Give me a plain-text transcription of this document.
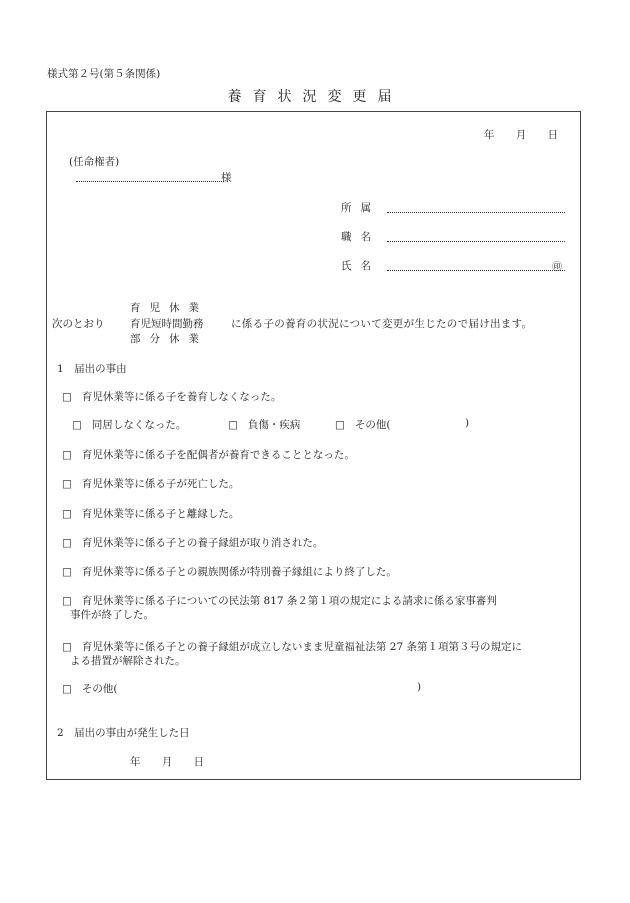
様式第２号(第５条関係)
養育状況変更届
年 月 日
(任命権者)
様
所属
職名
氏名	㊞
育児休業
次のとおり 育児短時間勤務	に係る子の養育の状況について変更が生じたので届け出ます。
部分休業
1　届出の事由
□ 育児休業等に係る子を養育しなくなった。
□ 同居しなくなった。	□ 負傷・疾病	□ その他(	)
□ 育児休業等に係る子を配偶者が養育できることとなった。
□ 育児休業等に係る子が死亡した。
□ 育児休業等に係る子と離縁した。
□ 育児休業等に係る子との養子縁組が取り消された。
□ 育児休業等に係る子との親族関係が特別養子縁組により終了した。
□ 育児休業等に係る子についての民法第 817 条２第１項の規定による請求に係る家事審判
事件が終了した。
□ 育児休業等に係る子との養子縁組が成立しないまま児童福祉法第 27 条第１項第３号の規定に
よる措置が解除された。
□ その他(	)
2　届出の事由が発生した日
年 月 日
